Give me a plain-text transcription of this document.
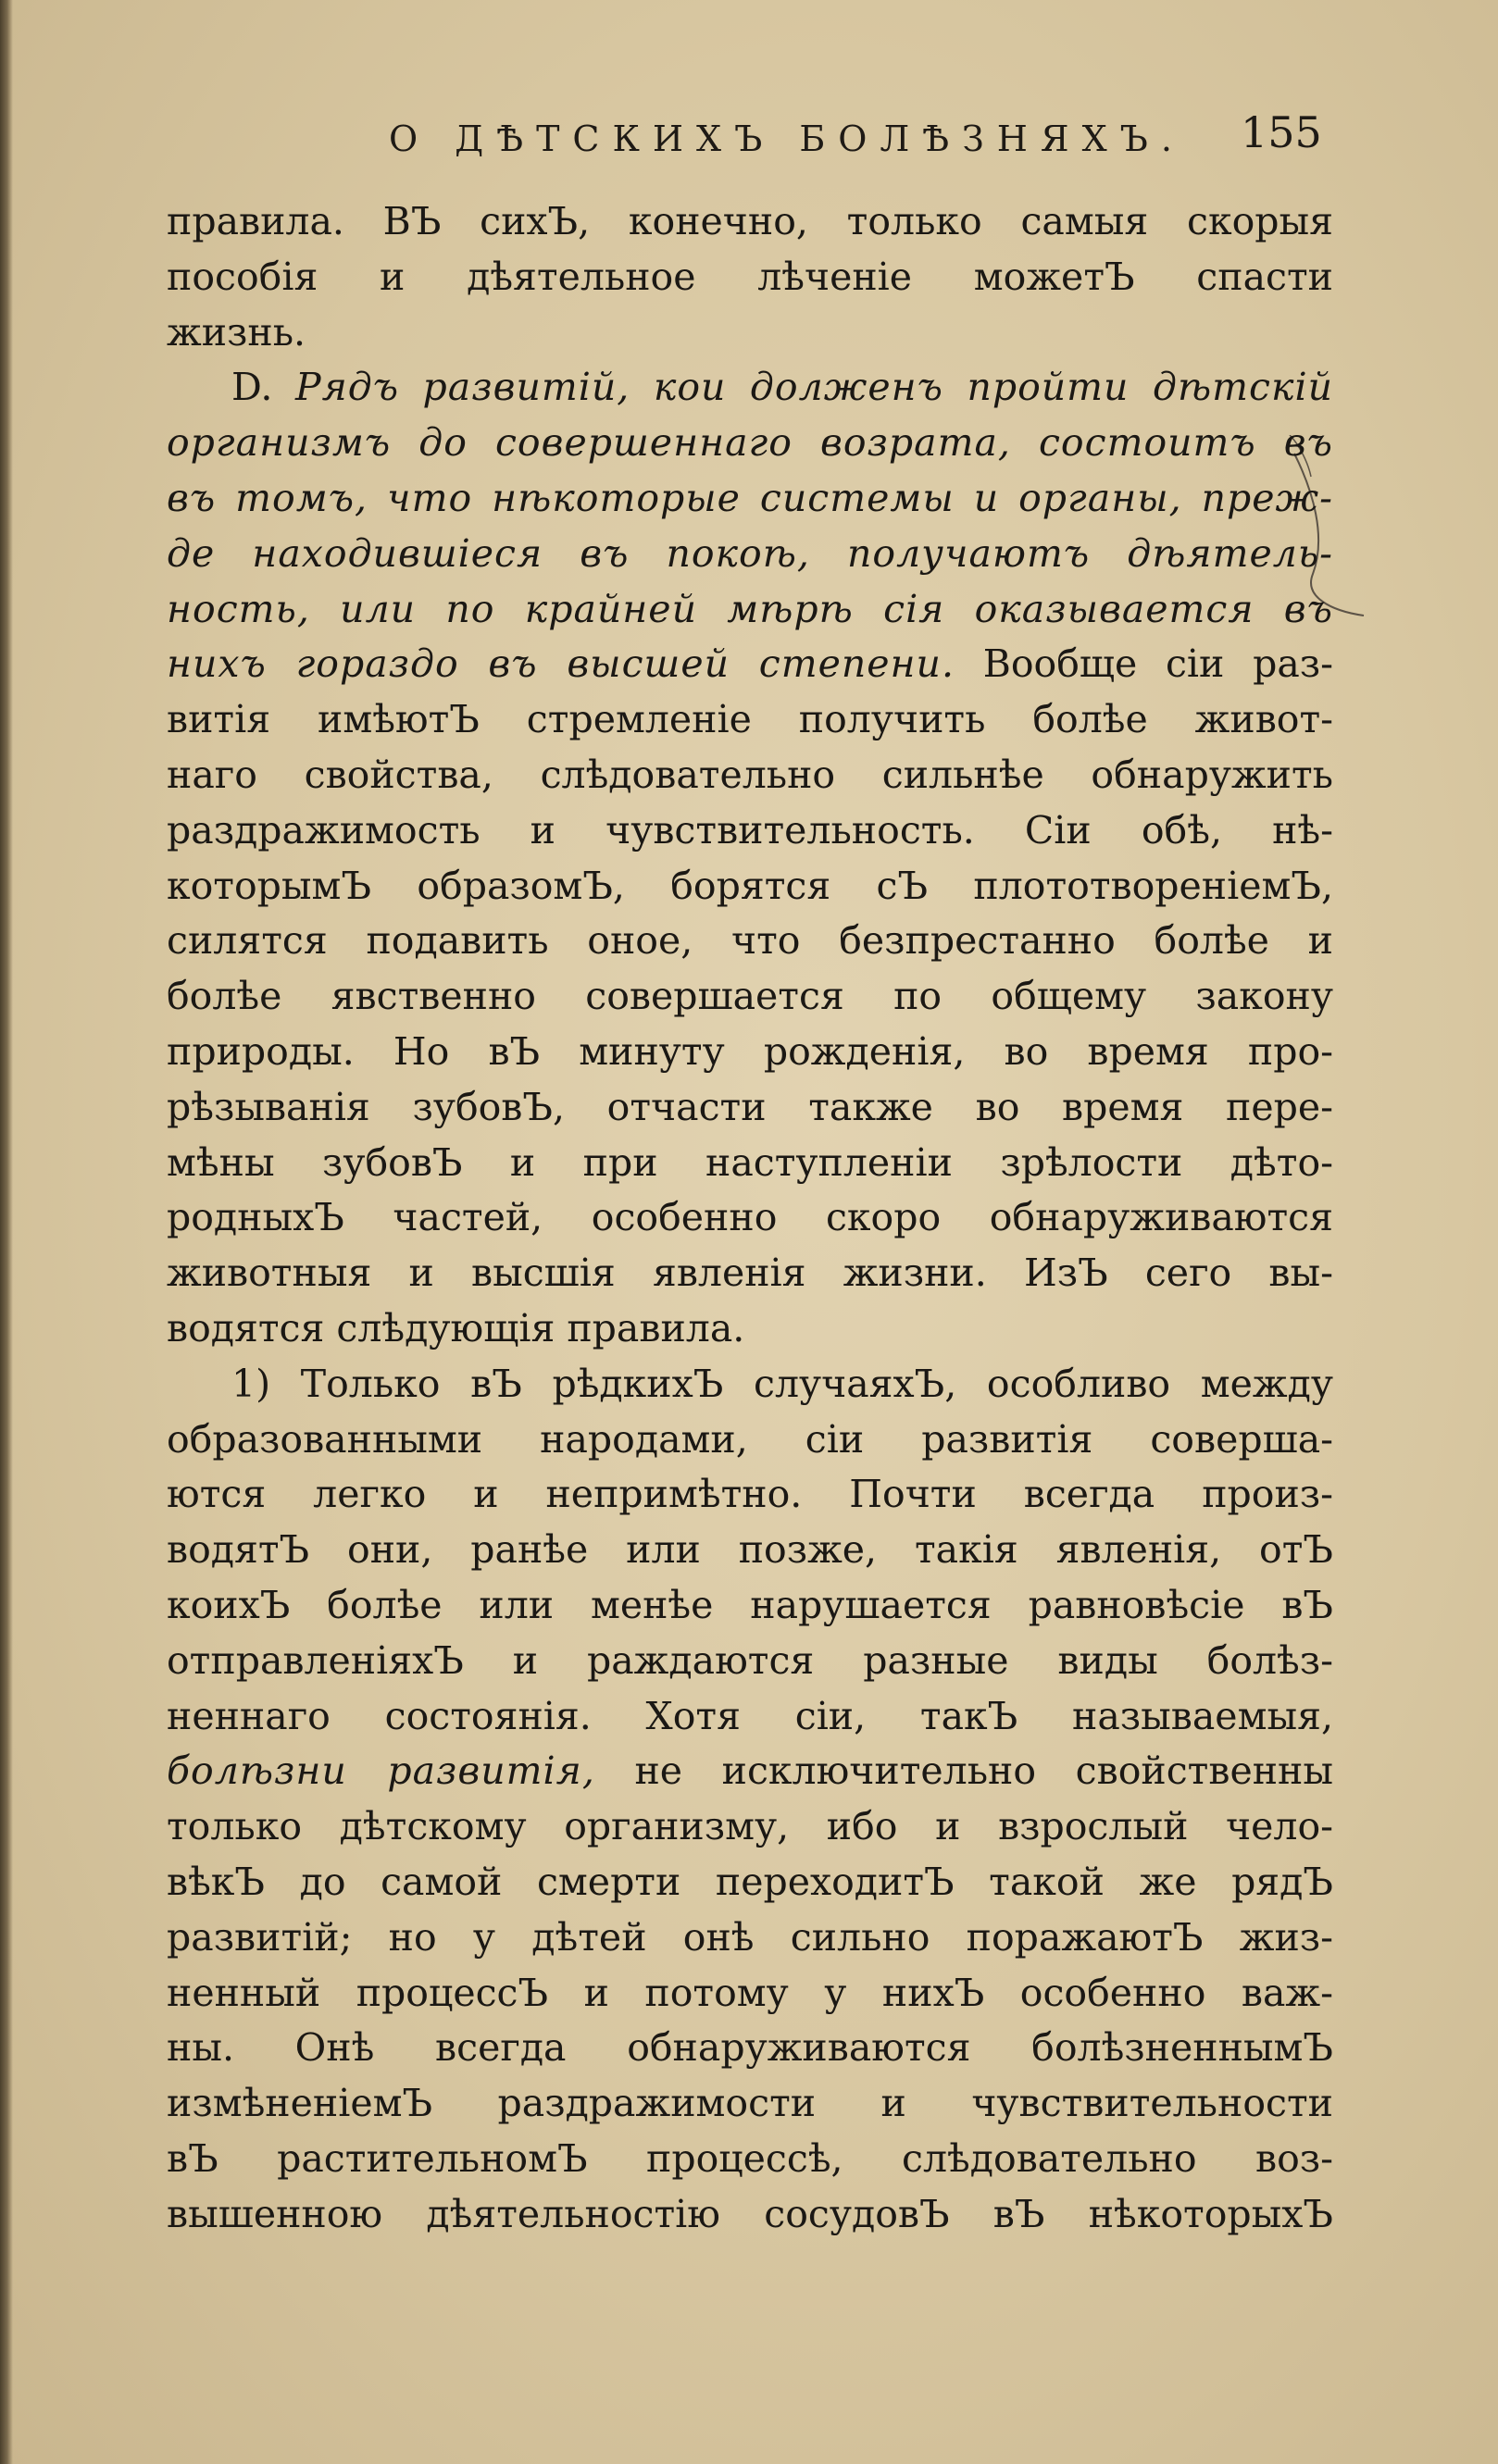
О ДѢТСКИХЪ БОЛѢЗНЯХЪ. 155
правила. ВЪ сихЪ, конечно, только самыя скорыя
пособія и дѣятельное лѣченіе можетЪ спасти
жизнь.
D. Рядъ развитій, кои долженъ пройти дѣтскій
организмъ до совершеннаго возрата, состоитъ въ
въ томъ, что нѣкоторые системы и органы, преж-
де находившіеся въ покоѣ, получаютъ дѣятель-
ность, или по крайней мѣрѣ сія оказывается въ
нихъ гораздо въ высшей степени. Вообще сіи раз-
витія имѣютЪ стремленіе получить болѣе живот-
наго свойства, слѣдовательно сильнѣе обнаружить
раздражимость и чувствительность. Сіи обѣ, нѣ-
которымЪ образомЪ, борятся сЪ плототвореніемЪ,
силятся подавить оное, что безпрестанно болѣе и
болѣе явственно совершается по общему закону
природы. Но вЪ минуту рожденія, во время про-
рѣзыванія зубовЪ, отчасти также во время пере-
мѣны зубовЪ и при наступленіи зрѣлости дѣто-
родныхЪ частей, особенно скоро обнаруживаются
животныя и высшія явленія жизни. ИзЪ сего вы-
водятся слѣдующія правила.
1) Только вЪ рѣдкихЪ случаяхЪ, особливо между
образованными народами, сіи развитія соверша-
ются легко и непримѣтно. Почти всегда произ-
водятЪ они, ранѣе или позже, такія явленія, отЪ
коихЪ болѣе или менѣе нарушается равновѣсіе вЪ
отправленіяхЪ и раждаются разные виды болѣз-
неннаго состоянія. Хотя сіи, такЪ называемыя,
болѣзни развитія, не исключительно свойственны
только дѣтскому организму, ибо и взрослый чело-
вѣкЪ до самой смерти переходитЪ такой же рядЪ
развитій; но у дѣтей онѣ сильно поражаютЪ жиз-
ненный процессЪ и потому у нихЪ особенно важ-
ны. Онѣ всегда обнаруживаются болѣзненнымЪ
измѣненіемЪ раздражимости и чувствительности
вЪ растительномЪ процессѣ, слѣдовательно воз-
вышенною дѣятельностію сосудовЪ вЪ нѣкоторыхЪ
